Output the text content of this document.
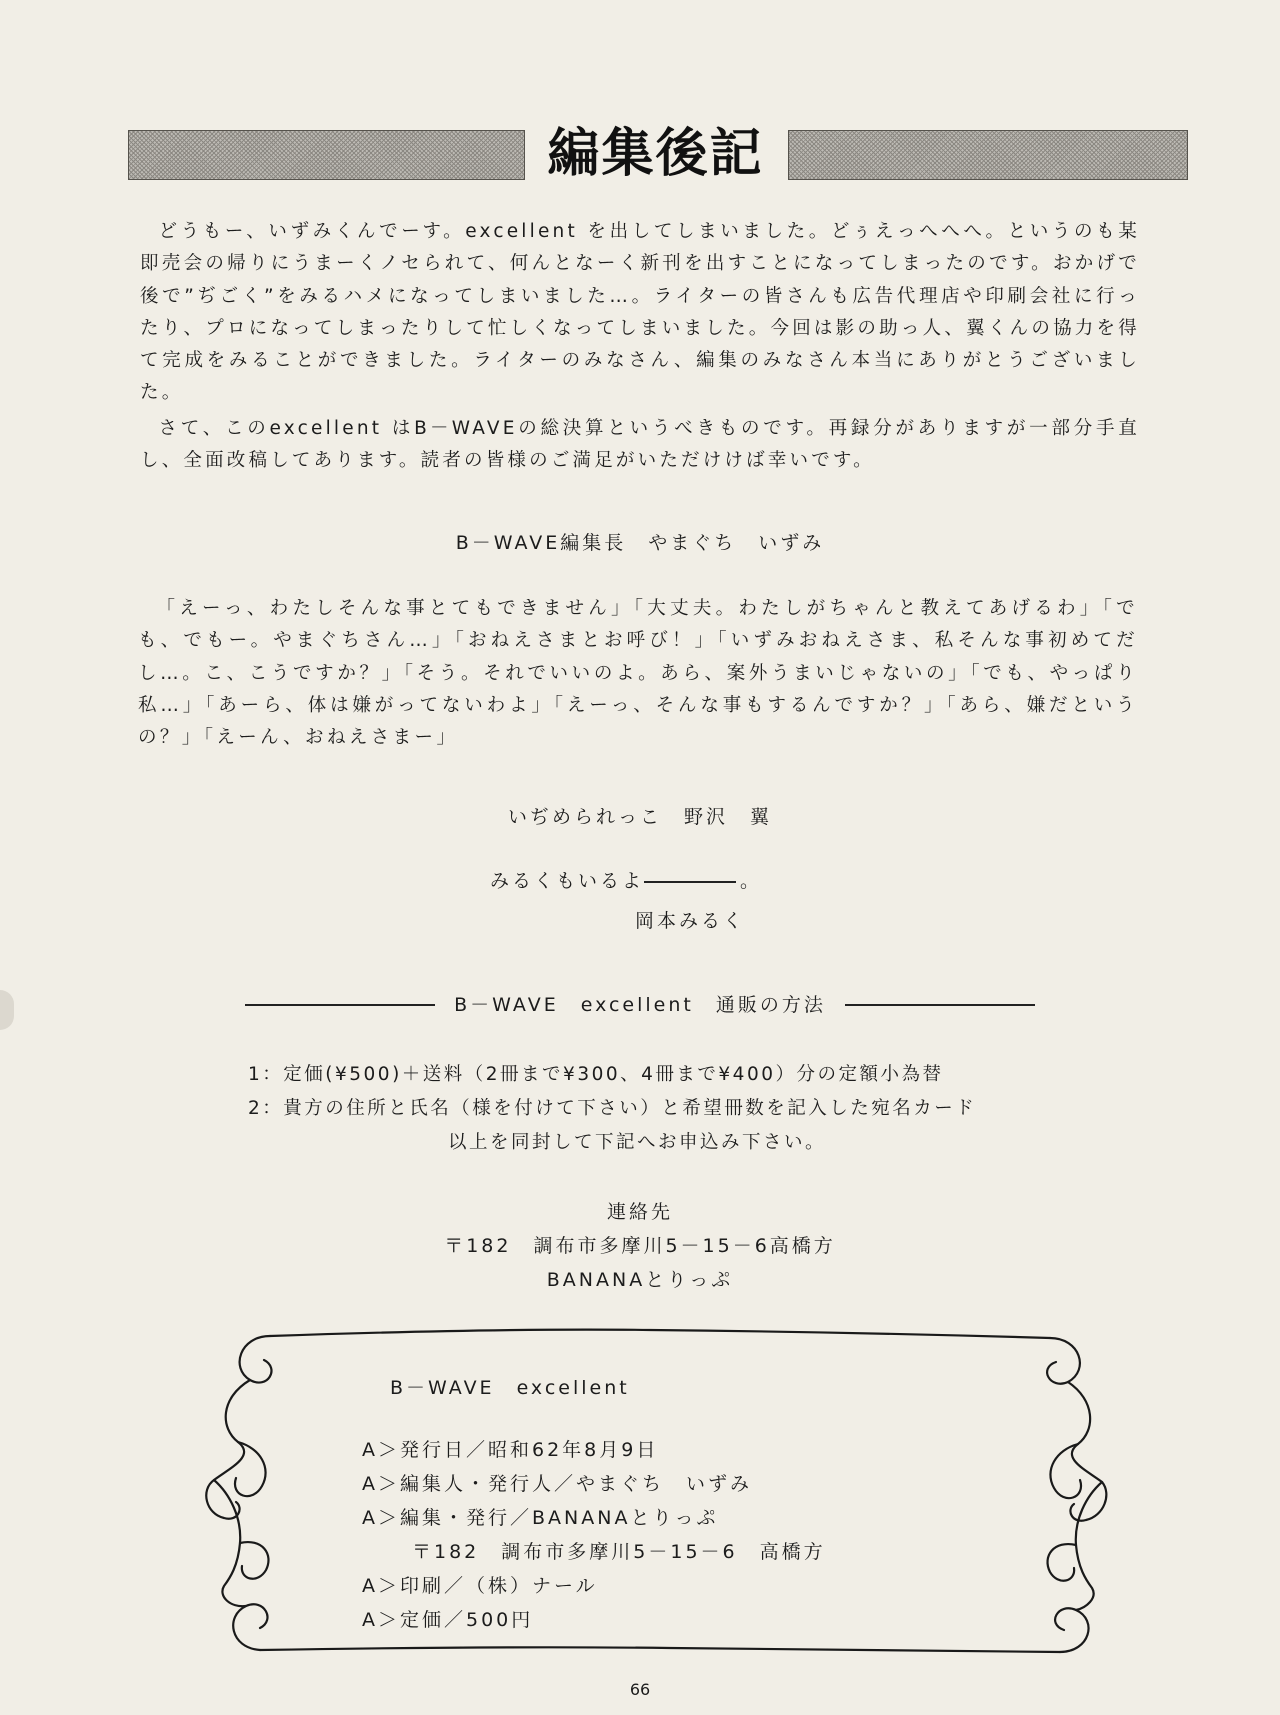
編集後記

どうもー、いずみくんでーす。excellent を出してしまいました。どぅえっへへへ。というのも某即売会の帰りにうまーくノセられて、何んとなーく新刊を出すことになってしまったのです。おかげで後で”ぢごく”をみるハメになってしまいました…。ライターの皆さんも広告代理店や印刷会社に行ったり、プロになってしまったりして忙しくなってしまいました。今回は影の助っ人、翼くんの協力を得て完成をみることができました。ライターのみなさん、編集のみなさん本当にありがとうございました。

さて、このexcellent はB－WAVEの総決算というべきものです。再録分がありますが一部分手直し、全面改稿してあります。読者の皆様のご満足がいただけけば幸いです。

B－WAVE編集長　やまぐち　いずみ

「えーっ、わたしそんな事とてもできません」「大丈夫。わたしがちゃんと教えてあげるわ」「でも、でもー。やまぐちさん…」「おねえさまとお呼び！」「いずみおねえさま、私そんな事初めてだし…。こ、こうですか？」「そう。それでいいのよ。あら、案外うまいじゃないの」「でも、やっぱり私…」「あーら、体は嫌がってないわよ」「えーっ、そんな事もするんですか？」「あら、嫌だというの？」「えーん、おねえさまー」

いぢめられっこ　野沢　翼

みるくもいるよ	。
岡本みるく
B－WAVE　excellent　通販の方法
1：定価(¥500)＋送料（2冊まで¥300、4冊まで¥400）分の定額小為替
2：貴方の住所と氏名（様を付けて下さい）と希望冊数を記入した宛名カード
以上を同封して下記へお申込み下さい。
連絡先
〒182　調布市多摩川5－15－6高橋方
BANANAとりっぷ
B－WAVE　excellent
A＞発行日／昭和62年8月9日
A＞編集人・発行人／やまぐち　いずみ
A＞編集・発行／BANANAとりっぷ
〒182　調布市多摩川5－15－6　高橋方
A＞印刷／（株）ナール
A＞定価／500円
66
